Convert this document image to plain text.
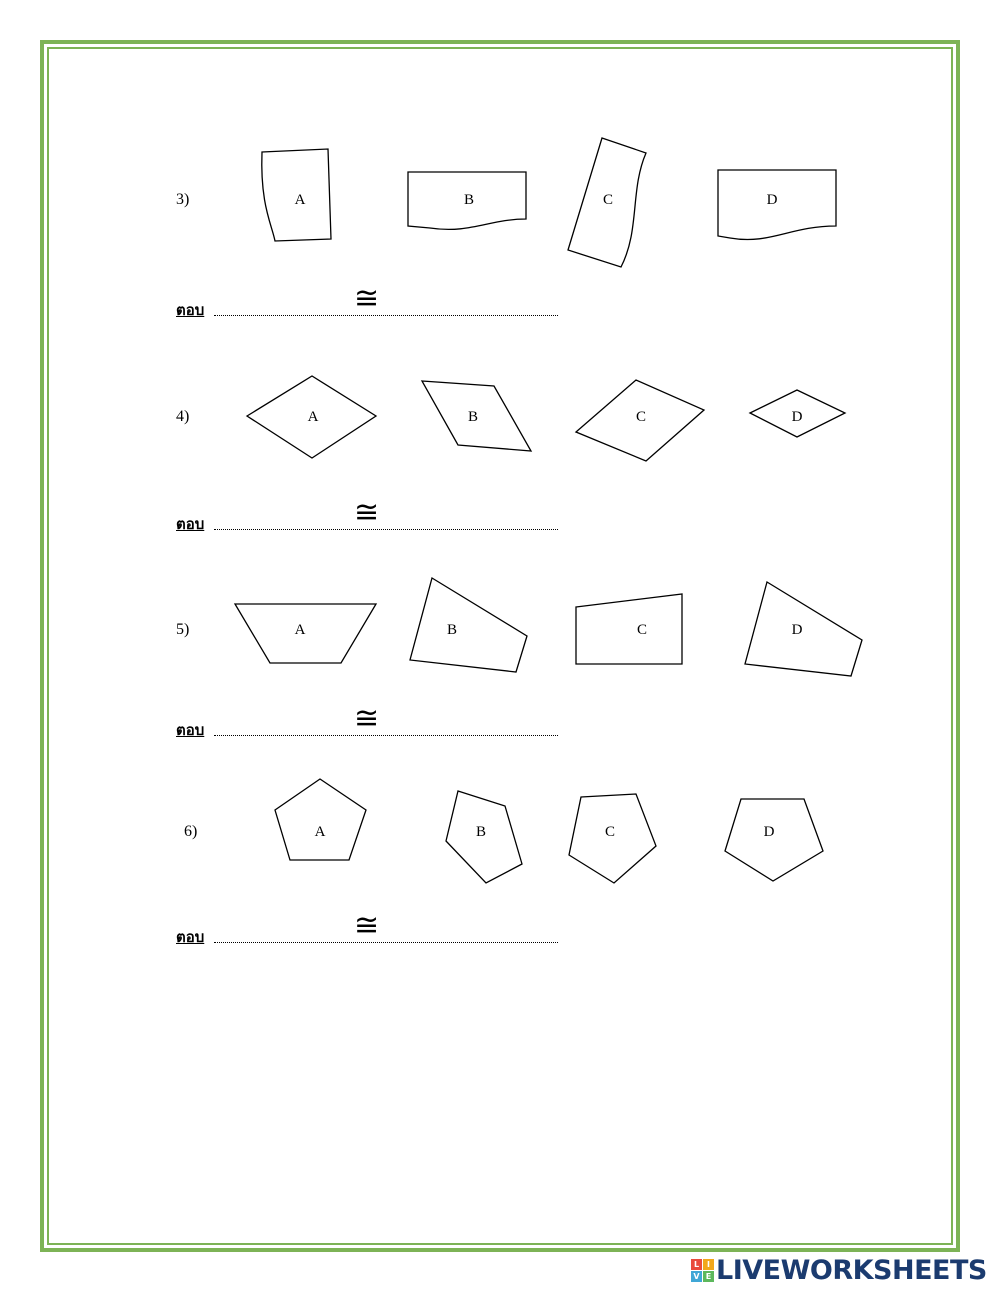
A	B	C	D
A	B	C	D
A	B	C	D
A	B	C	D
3)
4)
5)
6)
ตอบ	≅
ตอบ	≅
ตอบ	≅
ตอบ	≅
L I
V E LIVEWORKSHEETS
